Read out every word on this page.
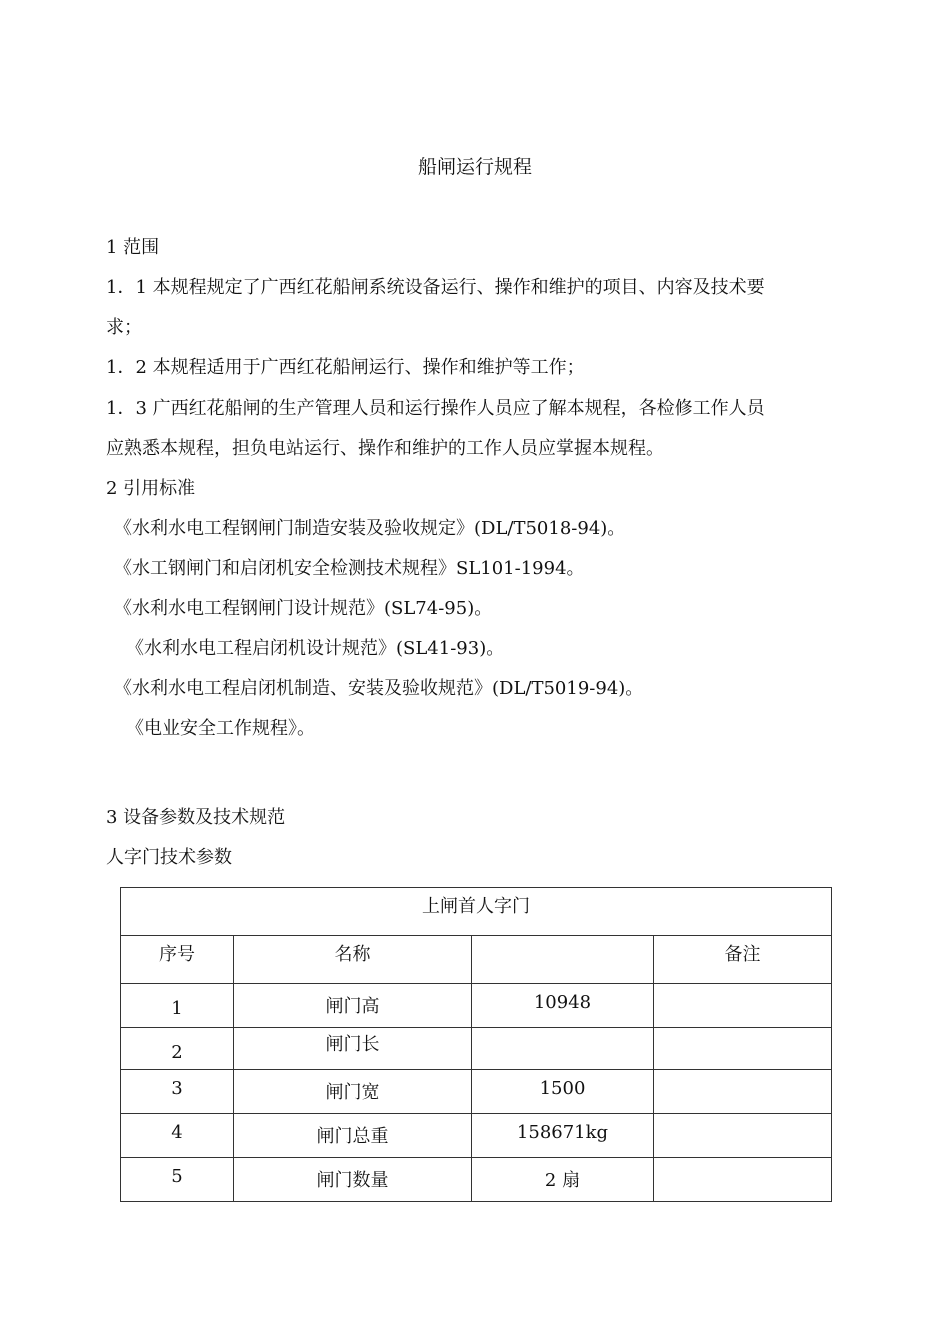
船闸运行规程
1 范围
1．1 本规程规定了广西红花船闸系统设备运行、操作和维护的项目、内容及技术要
求；
1．2 本规程适用于广西红花船闸运行、操作和维护等工作；
1．3 广西红花船闸的生产管理人员和运行操作人员应了解本规程，各检修工作人员
应熟悉本规程，担负电站运行、操作和维护的工作人员应掌握本规程。
2 引用标准
《水利水电工程钢闸门制造安装及验收规定》(DL/T5018-94)。
《水工钢闸门和启闭机安全检测技术规程》SL101-1994。
《水利水电工程钢闸门设计规范》(SL74-95)。
《水利水电工程启闭机设计规范》(SL41-93)。
《水利水电工程启闭机制造、安装及验收规范》(DL/T5019-94)。
《电业安全工作规程》。
3 设备参数及技术规范
人字门技术参数
上闸首人字门			
序号	名称		备注

1	闸门高	10948	

2	闸门长		

3	闸门宽	1500	

4	闸门总重	158671kg	

5	闸门数量	2 扇	
